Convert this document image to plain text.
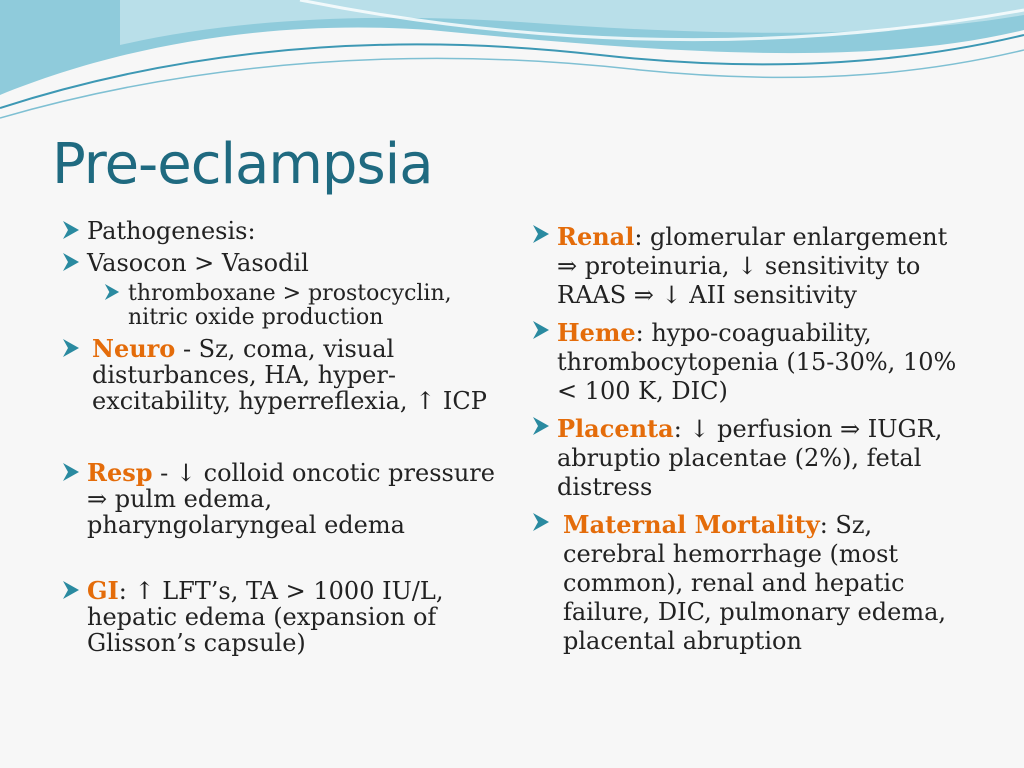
Pre-eclampsia
Pathogenesis:
Vasocon > Vasodil
thromboxane > prostocyclin, nitric oxide production
Neuro - Sz, coma, visual disturbances, HA, hyper-excitability, hyperreflexia, ↑ ICP
Resp - ↓ colloid oncotic pressure ⇒ pulm edema, pharyngolaryngeal edema
GI: ↑ LFT’s, TA > 1000 IU/L, hepatic edema (expansion of Glisson’s capsule)
Renal: glomerular enlargement ⇒ proteinuria, ↓ sensitivity to RAAS ⇒ ↓ AII sensitivity
Heme: hypo-coaguability, thrombocytopenia (15-30%, 10%< 100 K, DIC)
Placenta: ↓ perfusion ⇒ IUGR, abruptio placentae (2%), fetal distress
Maternal Mortality: Sz, cerebral hemorrhage (most common), renal and hepatic failure, DIC, pulmonary edema, placental abruption
